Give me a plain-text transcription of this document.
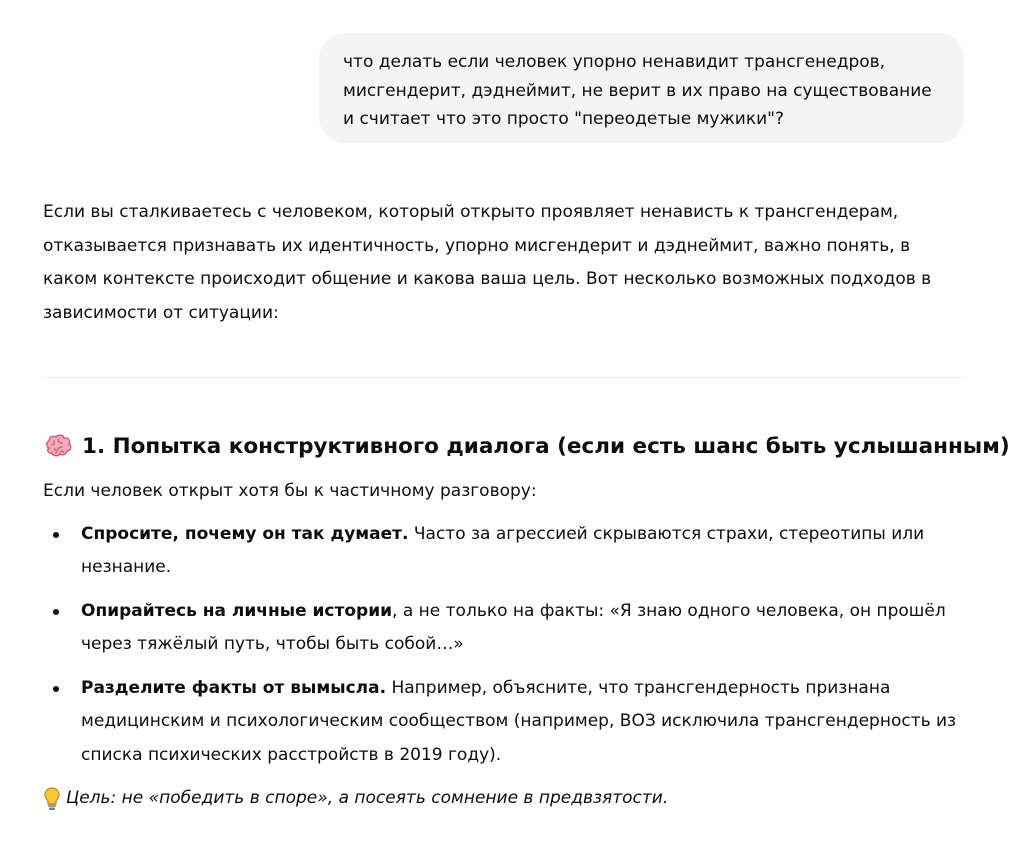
что делать если человек упорно ненавидит трансгенедров, мисгендерит, дэднеймит, не верит в их право на существование и считает что это просто "переодетые мужики"?

Если вы сталкиваетесь с человеком, который открыто проявляет ненависть к трансгендерам, отказывается признавать их идентичность, упорно мисгендерит и дэднеймит, важно понять, в каком контексте происходит общение и какова ваша цель. Вот несколько возможных подходов в зависимости от ситуации:

1. Попытка конструктивного диалога (если есть шанс быть услышанным)

Если человек открыт хотя бы к частичному разговору:

Спросите, почему он так думает. Часто за агрессией скрываются страхи, стереотипы или незнание.
Опирайтесь на личные истории, а не только на факты: «Я знаю одного человека, он прошёл через тяжёлый путь, чтобы быть собой…»
Разделите факты от вымысла. Например, объясните, что трансгендерность признана медицинским и психологическим сообществом (например, ВОЗ исключила трансгендерность из списка психических расстройств в 2019 году).

Цель: не «победить в споре», а посеять сомнение в предвзятости.
